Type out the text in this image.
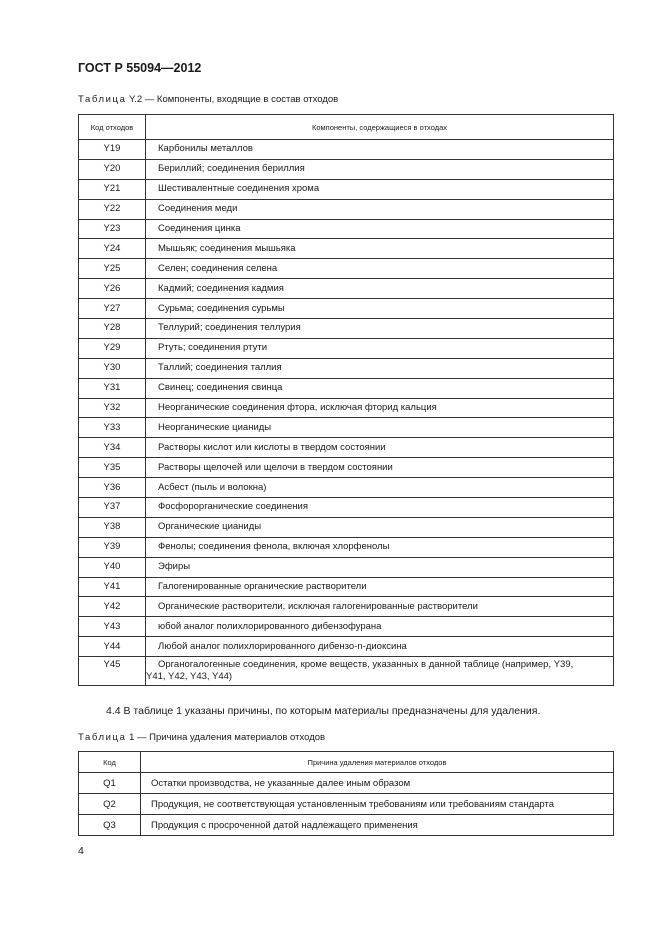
ГОСТ Р 55094—2012
Таблица Y.2 — Компоненты, входящие в состав отходов
Код отходов	Компоненты, содержащиеся в отходах
Y19	Карбонилы металлов
Y20	Бериллий; соединения бериллия
Y21	Шестивалентные соединения хрома
Y22	Соединения меди
Y23	Соединения цинка
Y24	Мышьяк; соединения мышьяка
Y25	Селен; соединения селена
Y26	Кадмий; соединения кадмия
Y27	Сурьма; соединения сурьмы
Y28	Теллурий; соединения теллурия
Y29	Ртуть; соединения ртути
Y30	Таллий; соединения таллия
Y31	Свинец; соединения свинца
Y32	Неорганические соединения фтора, исключая фторид кальция
Y33	Неорганические цианиды
Y34	Растворы кислот или кислоты в твердом состоянии
Y35	Растворы щелочей или щелочи в твердом состоянии
Y36	Асбест (пыль и волокна)
Y37	Фосфорорганические соединения
Y38	Органические цианиды
Y39	Фенолы; соединения фенола, включая хлорфенолы
Y40	Эфиры
Y41	Галогенированные органические растворители
Y42	Органические растворители, исключая галогенированные растворители
Y43	юбой аналог полихлорированного дибензофурана
Y44	Любой аналог полихлорированного дибензо-n-диоксина
Y45	Органогалогенные соединения, кроме веществ, указанных в данной таблице (например, Y39,
Y41, Y42, Y43, Y44)
4.4 В таблице 1 указаны причины, по которым материалы предназначены для удаления.
Таблица 1 — Причина удаления материалов отходов
Код	Причина удаления материалов отходов
Q1	Остатки производства, не указанные далее иным образом
Q2	Продукция, не соответствующая установленным требованиям или требованиям стандарта
Q3	Продукция с просроченной датой надлежащего применения
4
